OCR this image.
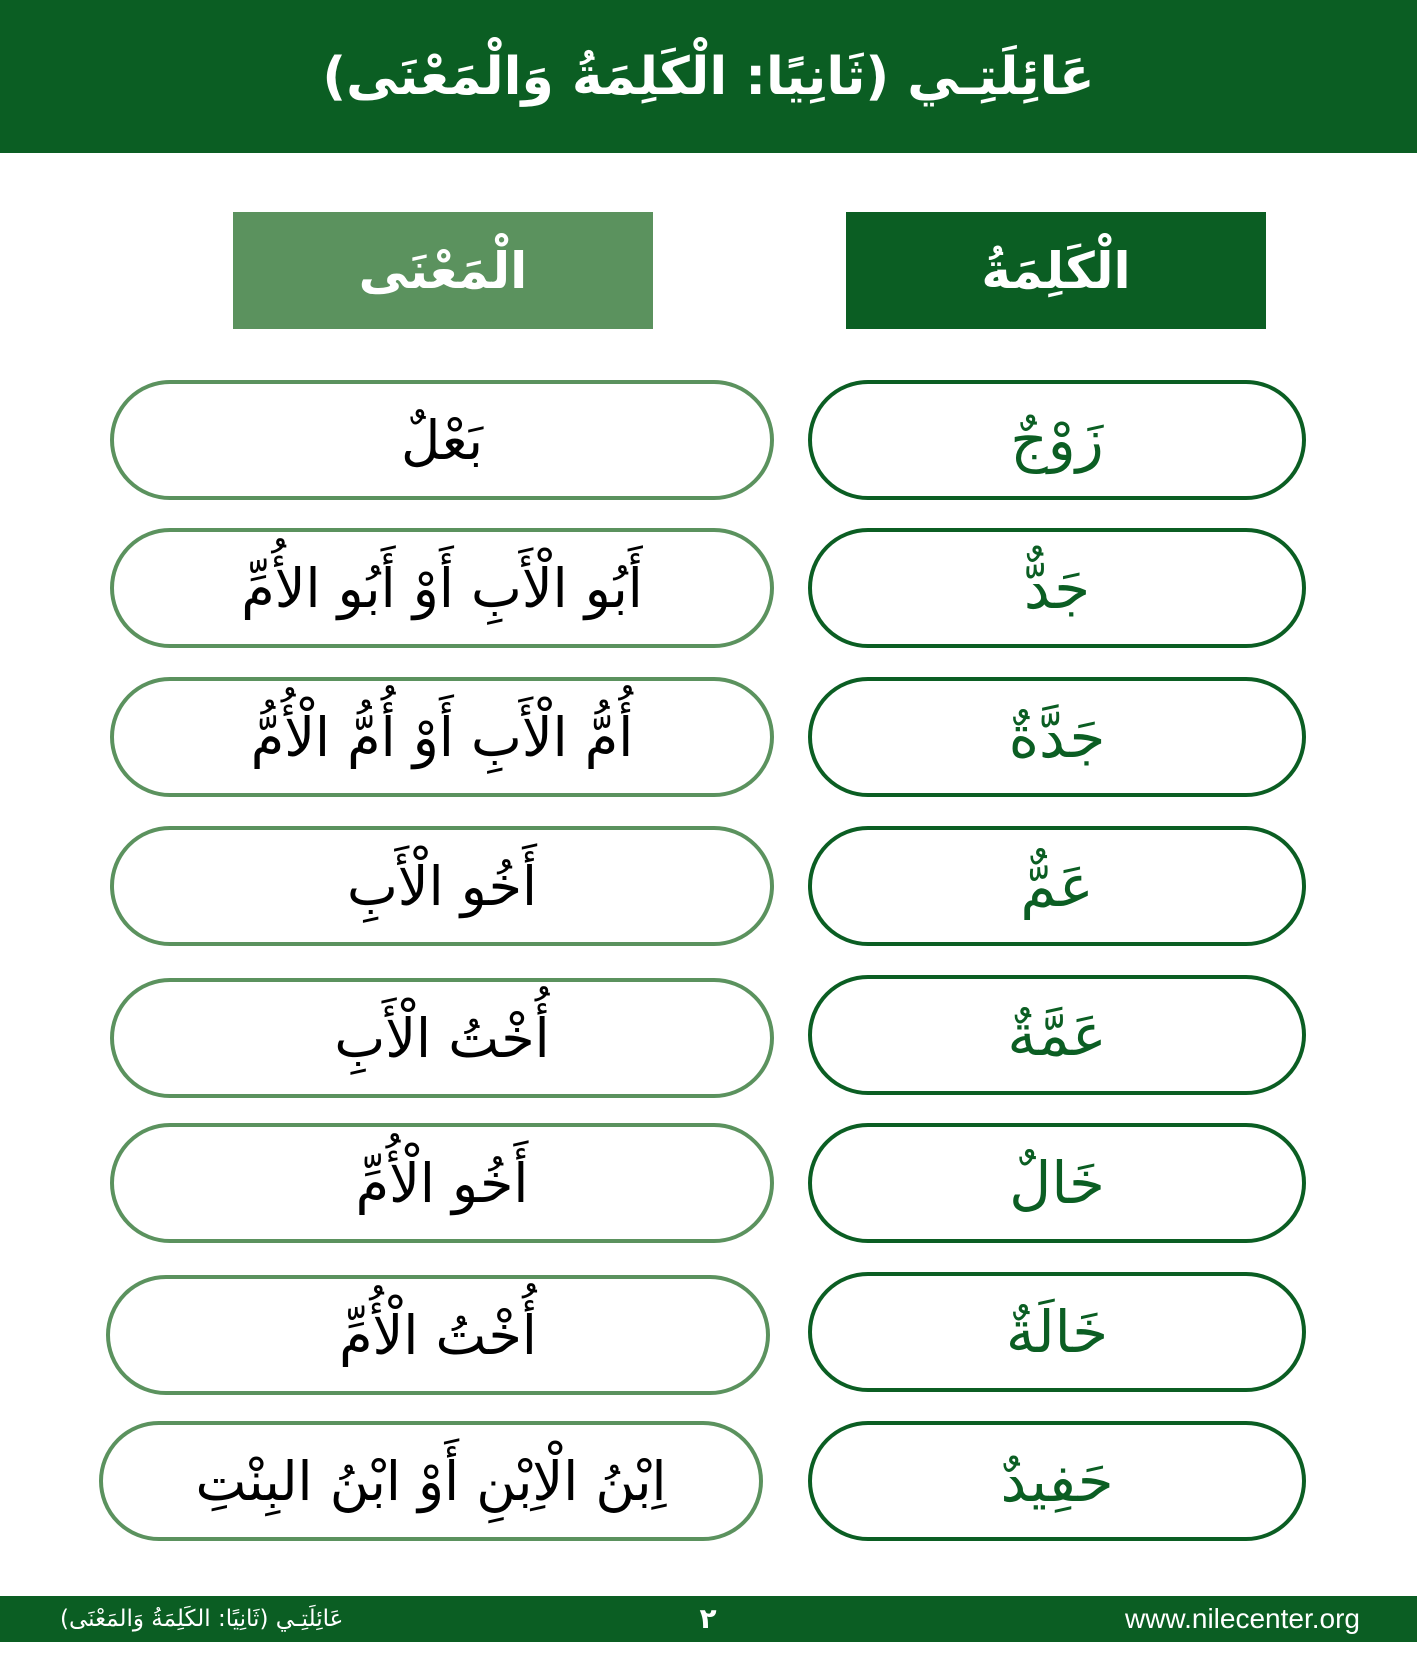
عَائِلَتِـي (ثَانِيًا: الْكَلِمَةُ وَالْمَعْنَى)
الْكَلِمَةُ
الْمَعْنَى
زَوْجٌ
بَعْلٌ
جَدٌّ
أَبُو الْأَبِ أَوْ أَبُو الأُمِّ
جَدَّةٌ
أُمُّ الْأَبِ أَوْ أُمُّ الْأُمُّ
عَمٌّ
أَخُو الْأَبِ
عَمَّةٌ
أُخْتُ الْأَبِ
خَالٌ
أَخُو الْأُمِّ
خَالَةٌ
أُخْتُ الْأُمِّ
حَفِيدٌ
اِبْنُ الْاِبْنِ أَوْ ابْنُ البِنْتِ
عَائِلَتِـي (ثَانِيًا: الكَلِمَةُ وَالمَعْنَى)	٢	www.nilecenter.org
